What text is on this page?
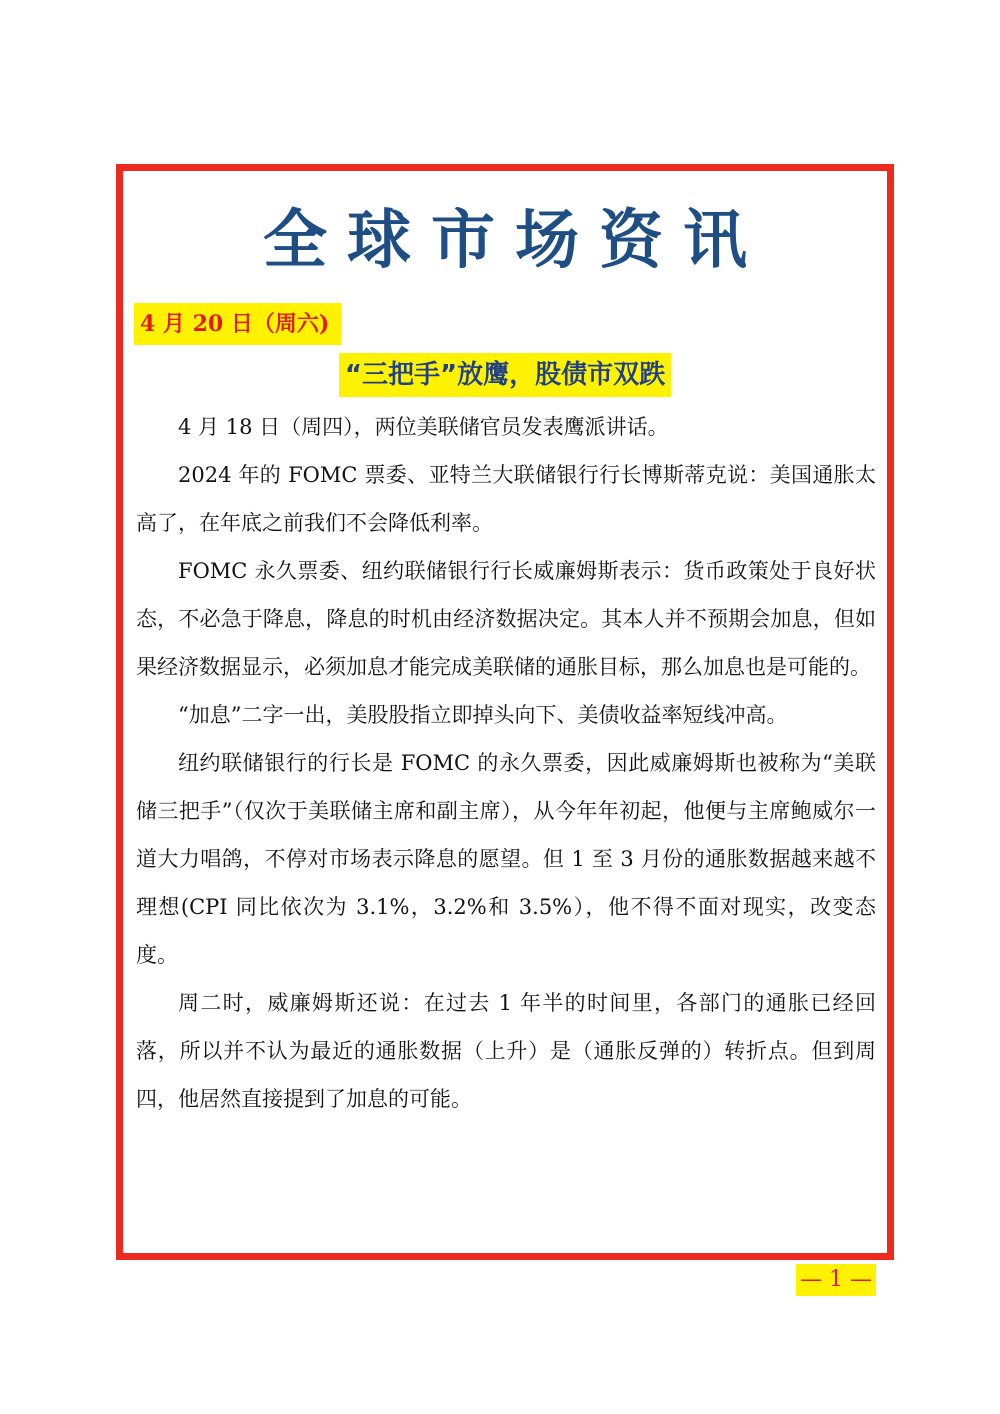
全球市场资讯
4 月 20 日（周六)
“三把手”放鹰，股债市双跌

4 月 18 日（周四），两位美联储官员发表鹰派讲话。

2024 年的 FOMC 票委、亚特兰大联储银行行长博斯蒂克说：美国通胀太高了，在年底之前我们不会降低利率。

FOMC 永久票委、纽约联储银行行长威廉姆斯表示：货币政策处于良好状态，不必急于降息，降息的时机由经济数据决定。其本人并不预期会加息，但如果经济数据显示，必须加息才能完成美联储的通胀目标，那么加息也是可能的。

“加息”二字一出，美股股指立即掉头向下、美债收益率短线冲高。

纽约联储银行的行长是 FOMC 的永久票委，因此威廉姆斯也被称为“美联储三把手”（仅次于美联储主席和副主席），从今年年初起，他便与主席鲍威尔一道大力唱鸽，不停对市场表示降息的愿望。但 1 至 3 月份的通胀数据越来越不理想(CPI 同比依次为 3.1%，3.2%和 3.5%），他不得不面对现实，改变态度。

周二时，威廉姆斯还说：在过去 1 年半的时间里，各部门的通胀已经回落，所以并不认为最近的通胀数据（上升）是（通胀反弹的）转折点。但到周四，他居然直接提到了加息的可能。

— 1 —
